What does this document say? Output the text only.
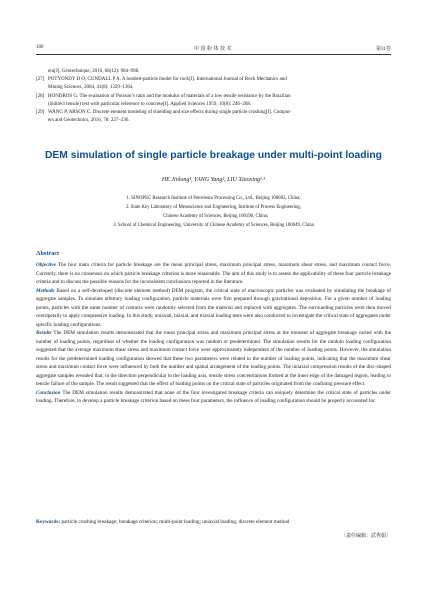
100	中国粉体技术	第31卷
era[J]. Géotechnique, 2016, 66(12): 984–998.
[27] POTYONDY D O, CUNDALL P A. A bonded-particle model for rock[J]. International Journal of Rock Mechanics and
Mining Sciences, 2004, 41(8): 1329–1364.
[28] HONDROS G. The evaluation of Poisson’s ratio and the modulus of materials of a low tensile resistance by the Brazilian
(indirect tensile) test with particular reference to concrete[J]. Applied Sciences 1959, 10(8): 246–268.
[29] WANG P, ARSON C. Discrete element modeling of shielding and size effects during single particle crushing[J]. Comput-
ers and Geotechnics, 2016, 78: 227–236.
DEM simulation of single particle breakage under multi-point loading
HE Jinlong¹, YANG Yang², LIU Xiaoxing¹·³
1. SINOPEC Research Institute of Petroleum Processing Co., Ltd., Beijing 100083, China;
2. State Key Laboratory of Mesoscience and Engineering, Institute of Process Engineering,
Chinese Academy of Sciences, Beijing 100190, China;
3. School of Chemical Engineering, University of Chinese Academy of Sciences, Beijing 100049, China
Abstract

Objective The four main criteria for particle breakage are the mean principal stress, maximum principal stress, maximum shear stress, and maximum contact force. Currently, there is no consensus on which particle breakage criterion is more reasonable. The aim of this study is to assess the applicability of these four particle breakage criteria and to discuss the possible reasons for the inconsistent conclusions reported in the literature.

Methods Based on a self-developed (discrete element method) DEM program, the critical state of macroscopic particles was evaluated by simulating the breakage of aggregate samples. To simulate arbitrary loading configuration, particle materials were first prepared through gravitational deposition. For a given number of loading points, particles with the same number of contacts were randomly selected from the material and replaced with aggregates. The surrounding particles were then moved centripetally to apply compressive loading. In this study, uniaxial, biaxial, and triaxial loading tests were also conducted to investigate the critical state of aggregates under specific loading configurations.

Results The DEM simulation results demonstrated that the mean principal stress and maximum principal stress at the moment of aggregate breakage varied with the number of loading points, regardless of whether the loading configuration was random or predetermined. The simulation results for the random loading configuration suggested that the average maximum shear stress and maximum contact force were approximately independent of the number of loading points. However, the simulation results for the predetermined loading configuration showed that these two parameters were related to the number of loading points, indicating that the maximum shear stress and maximum contact force were influenced by both the number and spatial arrangement of the loading points. The uniaxial compression results of the disc-shaped aggregate samples revealed that, in the direction perpendicular to the loading axis, tensile stress concentrations formed at the inner edge of the damaged region, leading to tensile failure of the sample. The result suggested that the effect of loading points on the critical state of particles originated from the confining pressure effect.

Conclusion The DEM simulation results demonstrated that none of the four investigated breakage criteria can uniquely determine the critical state of particles under loading. Therefore, to develop a particle breakage criterion based on these four parameters, the influence of loading configuration should be properly accounted for.

Keywords: particle crushing breakage; breakage criterion; multi-point loading; uniaxial loading; discrete element method
〔责任编辑：武秀娟〕
